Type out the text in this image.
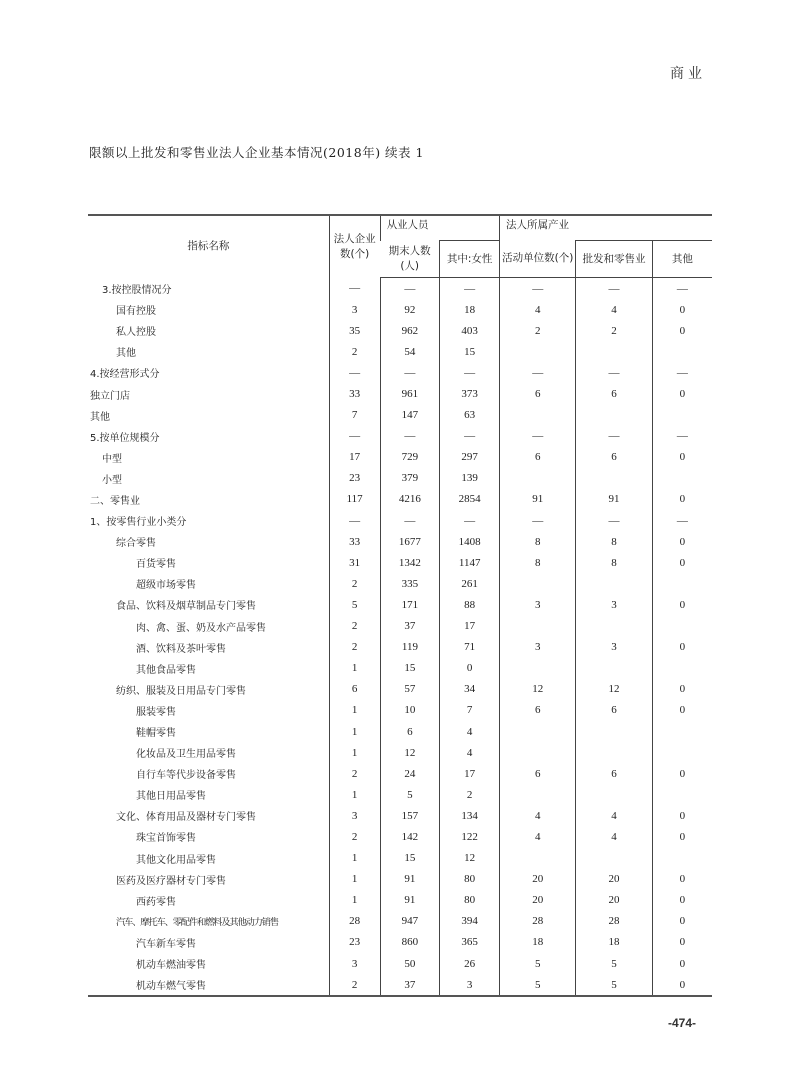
商业
限额以上批发和零售业法人企业基本情况(2018年) 续表 1
指标名称	法人企业数(个)	从业人员		法人所属产业		
		期末人数(人)	其中:女性	活动单位数(个)	批发和零售业	其他
3.按控股情况分	—	—	—	—	—	—
国有控股	3	92	18	4	4	0
私人控股	35	962	403	2	2	0
其他	2	54	15			
4.按经营形式分	—	—	—	—	—	—
独立门店	33	961	373	6	6	0
其他	7	147	63			
5.按单位规模分	—	—	—	—	—	—
中型	17	729	297	6	6	0
小型	23	379	139			
二、零售业	117	4216	2854	91	91	0
1、按零售行业小类分	—	—	—	—	—	—
综合零售	33	1677	1408	8	8	0
百货零售	31	1342	1147	8	8	0
超级市场零售	2	335	261			
食品、饮料及烟草制品专门零售	5	171	88	3	3	0
肉、禽、蛋、奶及水产品零售	2	37	17			
酒、饮料及茶叶零售	2	119	71	3	3	0
其他食品零售	1	15	0			
纺织、服装及日用品专门零售	6	57	34	12	12	0
服装零售	1	10	7	6	6	0
鞋帽零售	1	6	4			
化妆品及卫生用品零售	1	12	4			
自行车等代步设备零售	2	24	17	6	6	0
其他日用品零售	1	5	2			
文化、体育用品及器材专门零售	3	157	134	4	4	0
珠宝首饰零售	2	142	122	4	4	0
其他文化用品零售	1	15	12			
医药及医疗器材专门零售	1	91	80	20	20	0
西药零售	1	91	80	20	20	0
汽车、摩托车、零配件和燃料及其他动力销售	28	947	394	28	28	0
汽车新车零售	23	860	365	18	18	0
机动车燃油零售	3	50	26	5	5	0
机动车燃气零售	2	37	3	5	5	0
-474-
